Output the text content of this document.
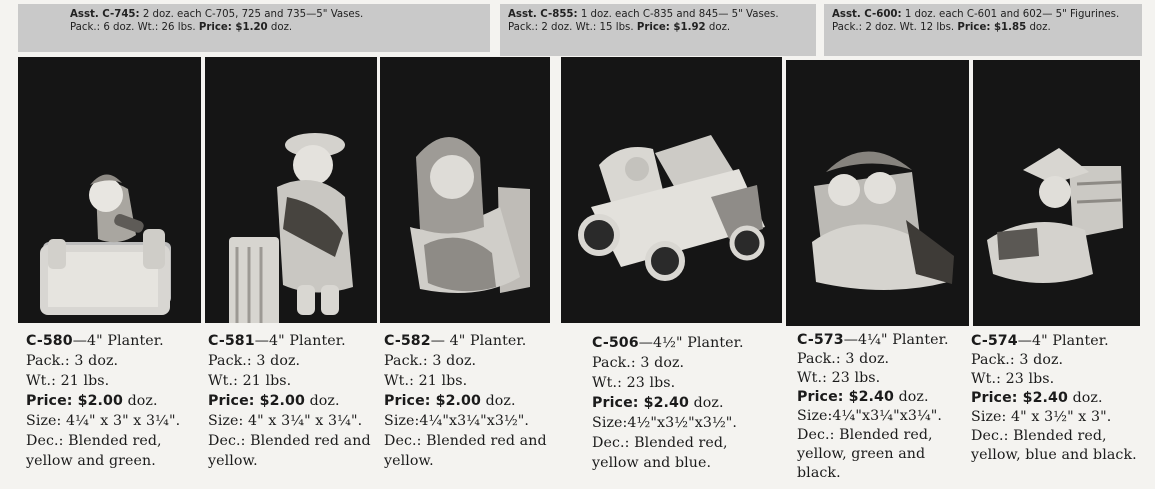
Asst. C-745: 2 doz. each C-705, 725 and 735—5" Vases.
Pack.: 6 doz. Wt.: 26 lbs. Price: $1.20 doz.
Asst. C-855: 1 doz. each C-835 and 845— 5" Vases.
Pack.: 2 doz. Wt.: 15 lbs. Price: $1.92 doz.
Asst. C-600: 1 doz. each C-601 and 602— 5" Figurines.
Pack.: 2 doz. Wt. 12 lbs. Price: $1.85 doz.
C-580—4" Planter.
Pack.: 3 doz.
Wt.: 21 lbs.
Price: $2.00 doz.
Size: 4¼" x 3" x 3¼".
Dec.: Blended red, yellow and green.
C-581—4" Planter.
Pack.: 3 doz.
Wt.: 21 lbs.
Price: $2.00 doz.
Size: 4" x 3¼" x 3¼".
Dec.: Blended red and yellow.
C-582— 4" Planter.
Pack.: 3 doz.
Wt.: 21 lbs.
Price: $2.00 doz.
Size:4¼"x3¼"x3½".
Dec.: Blended red and yellow.
C-506—4½" Planter.
Pack.: 3 doz.
Wt.: 23 lbs.
Price: $2.40 doz.
Size:4½"x3½"x3½".
Dec.: Blended red, yellow and blue.
C-573—4¼" Planter.
Pack.: 3 doz.
Wt.: 23 lbs.
Price: $2.40 doz.
Size:4¼"x3¼"x3¼".
Dec.: Blended red, yellow, green and black.
C-574—4" Planter.
Pack.: 3 doz.
Wt.: 23 lbs.
Price: $2.40 doz.
Size: 4" x 3½" x 3".
Dec.: Blended red, yellow, blue and black.
